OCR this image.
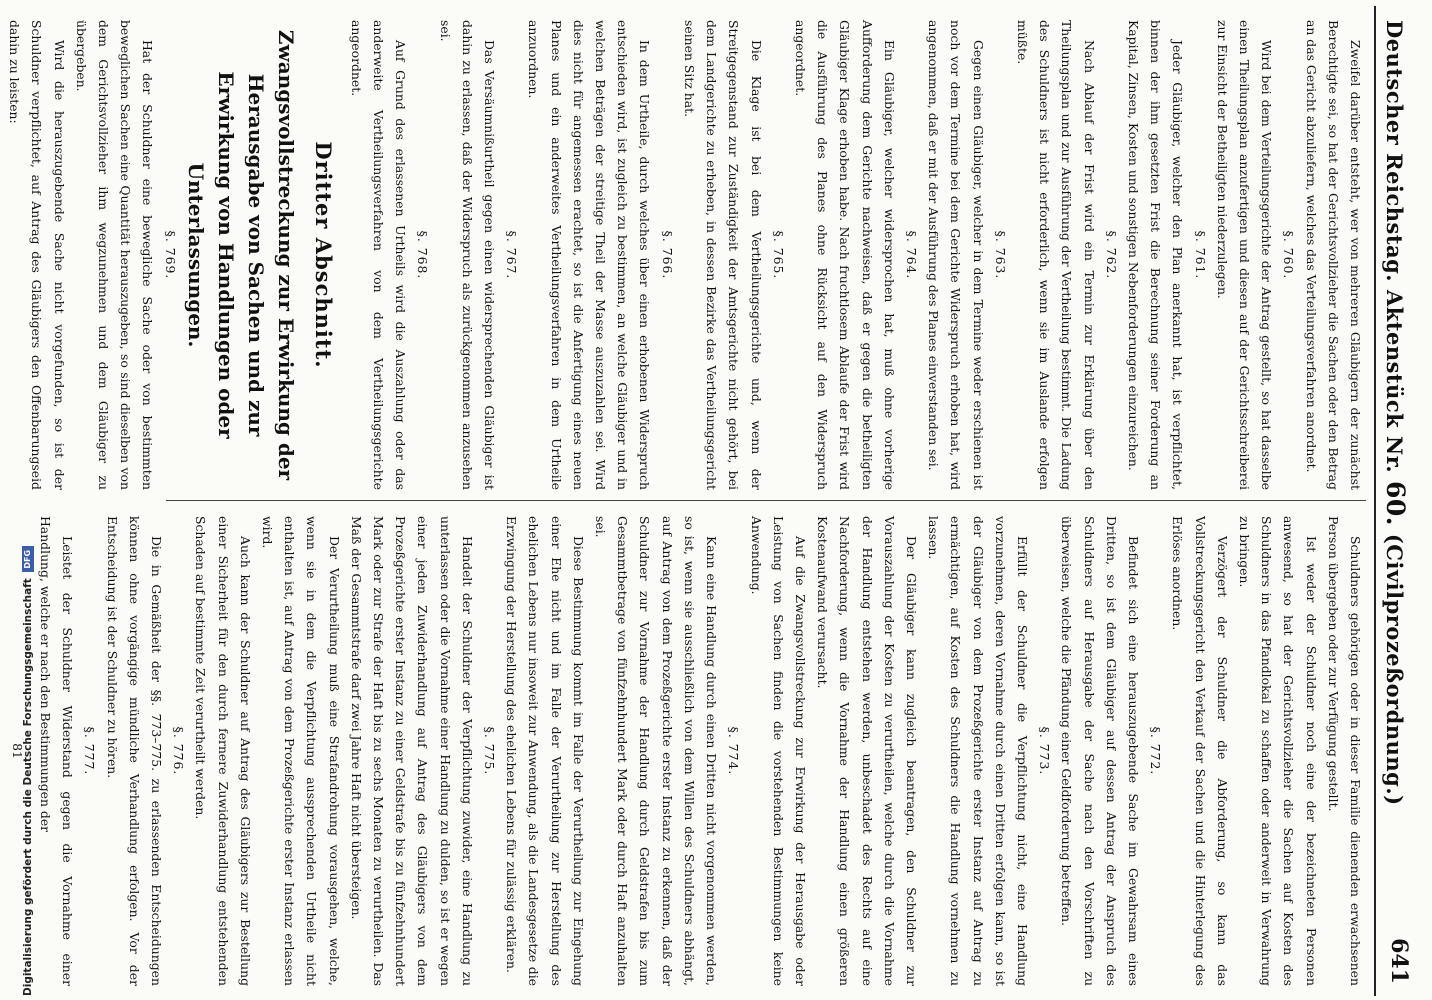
Deutscher Reichstag. Aktenstück Nr. 60. (Civilprozeßordnung.)
641

Zweifel darüber entsteht, wer von mehreren Gläubigern der zunächst Berechtigte sei, so hat der Gerichtsvollzieher die Sachen oder den Betrag an das Gericht abzuliefern, welches das Verteilungsverfahren anordnet.

§. 760.

Wird bei dem Verteilungsgerichte der Antrag gestellt, so hat dasselbe einen Theilungsplan anzufertigen und diesen auf der Gerichtsschreiberei zur Einsicht der Betheiligten niederzulegen.

§. 761.

Jeder Gläubiger, welcher den Plan anerkannt hat, ist verpflichtet, binnen der ihm gesetzten Frist die Berechnung seiner Forderung an Kapital, Zinsen, Kosten und sonstigen Nebenforderungen einzureichen.

§. 762.

Nach Ablauf der Frist wird ein Termin zur Erklärung über den Theilungsplan und zur Ausführung der Vertheilung bestimmt. Die Ladung des Schuldners ist nicht erforderlich, wenn sie im Auslande erfolgen müßte.

§. 763.

Gegen einen Gläubiger, welcher in dem Termine weder erschienen ist noch vor dem Termine bei dem Gerichte Widerspruch erhoben hat, wird angenommen, daß er mit der Ausführung des Planes einverstanden sei.

§. 764.

Ein Gläubiger, welcher widersprochen hat, muß ohne vorherige Aufforderung dem Gerichte nachweisen, daß er gegen die betheiligten Gläubiger Klage erhoben habe. Nach fruchtlosem Ablaufe der Frist wird die Ausführung des Planes ohne Rücksicht auf den Widerspruch angeordnet.

§. 765.

Die Klage ist bei dem Vertheilungsgerichte und, wenn der Streitgegenstand zur Zuständigkeit der Amtsgerichte nicht gehört, bei dem Landgerichte zu erheben, in dessen Bezirke das Vertheilungsgericht seinen Sitz hat.

§. 766.

In dem Urtheile, durch welches über einen erhobenen Widerspruch entschieden wird, ist zugleich zu bestimmen, an welche Gläubiger und in welchen Beträgen der streitige Theil der Masse auszuzahlen sei. Wird dies nicht für angemessen erachtet, so ist die Anfertigung eines neuen Planes und ein anderweites Vertheilungsverfahren in dem Urtheile anzuordnen.

§. 767.

Das Versäumnißurtheil gegen einen widersprechenden Gläubiger ist dahin zu erlassen, daß der Widerspruch als zurückgenommen anzusehen sei.

§. 768.

Auf Grund des erlassenen Urtheils wird die Auszahlung oder das anderweite Vertheilungsverfahren von dem Vertheilungsgerichte angeordnet.

Dritter Abschnitt.

Zwangsvollstreckung zur Erwirkung der Herausgabe von Sachen und zur Erwirkung von Handlungen oder Unterlassungen.

§. 769.

Hat der Schuldner eine bewegliche Sache oder von bestimmten beweglichen Sachen eine Quantität herauszugeben, so sind dieselben von dem Gerichtsvollzieher ihm wegzunehmen und dem Gläubiger zu übergeben.

Wird die herauszugebende Sache nicht vorgefunden, so ist der Schuldner verpflichtet, auf Antrag des Gläubigers den Offenbarungseid dahin zu leisten:

Schuldners gehörigen oder in dieser Familie dienenden erwachsenen Person übergeben oder zur Verfügung gestellt.

Ist weder der Schuldner noch eine der bezeichneten Personen anwesend, so hat der Gerichtsvollzieher die Sachen auf Kosten des Schuldners in das Pfandlokal zu schaffen oder anderweit in Verwahrung zu bringen.

Verzögert der Schuldner die Abforderung, so kann das Vollstreckungsgericht den Verkauf der Sachen und die Hinterlegung des Erlöses anordnen.

§. 772.

Befindet sich eine herauszugebende Sache im Gewahrsam eines Dritten, so ist dem Gläubiger auf dessen Antrag der Anspruch des Schuldners auf Herausgabe der Sache nach den Vorschriften zu überweisen, welche die Pfändung einer Geldforderung betreffen.

§. 773.

Erfüllt der Schuldner die Verpflichtung nicht, eine Handlung vorzunehmen, deren Vornahme durch einen Dritten erfolgen kann, so ist der Gläubiger von dem Prozeßgerichte erster Instanz auf Antrag zu ermächtigen, auf Kosten des Schuldners die Handlung vornehmen zu lassen.

Der Gläubiger kann zugleich beantragen, den Schuldner zur Vorauszahlung der Kosten zu verurtheilen, welche durch die Vornahme der Handlung entstehen werden, unbeschadet des Rechts auf eine Nachforderung, wenn die Vornahme der Handlung einen größeren Kostenaufwand verursacht.

Auf die Zwangsvollstreckung zur Erwirkung der Herausgabe oder Leistung von Sachen finden die vorstehenden Bestimmungen keine Anwendung.

§. 774.

Kann eine Handlung durch einen Dritten nicht vorgenommen werden, so ist, wenn sie ausschließlich von dem Willen des Schuldners abhängt, auf Antrag von dem Prozeßgerichte erster Instanz zu erkennen, daß der Schuldner zur Vornahme der Handlung durch Geldstrafen bis zum Gesammtbetrage von fünfzehnhundert Mark oder durch Haft anzuhalten sei.

Diese Bestimmung kommt im Falle der Verurtheilung zur Eingehung einer Ehe nicht und im Falle der Verurtheilung zur Herstellung des ehelichen Lebens nur insoweit zur Anwendung, als die Landesgesetze die Erzwingung der Herstellung des ehelichen Lebens für zulässig erklären.

§. 775.

Handelt der Schuldner der Verpflichtung zuwider, eine Handlung zu unterlassen oder die Vornahme einer Handlung zu dulden, so ist er wegen einer jeden Zuwiderhandlung auf Antrag des Gläubigers von dem Prozeßgerichte erster Instanz zu einer Geldstrafe bis zu fünfzehnhundert Mark oder zur Strafe der Haft bis zu sechs Monaten zu verurtheilen. Das Maß der Gesammtstrafe darf zwei Jahre Haft nicht übersteigen.

Der Verurtheilung muß eine Strafandrohung vorausgehen, welche, wenn sie in dem die Verpflichtung aussprechenden Urtheile nicht enthalten ist, auf Antrag von dem Prozeßgerichte erster Instanz erlassen wird.

Auch kann der Schuldner auf Antrag des Gläubigers zur Bestellung einer Sicherheit für den durch fernere Zuwiderhandlung entstehenden Schaden auf bestimmte Zeit verurtheilt werden.

§. 776.

Die in Gemäßheit der §§. 773–775. zu erlassenden Entscheidungen können ohne vorgängige mündliche Verhandlung erfolgen. Vor der Entscheidung ist der Schuldner zu hören.

§. 777.

Leistet der Schuldner Widerstand gegen die Vornahme einer Handlung, welche er nach den Bestimmungen der

81

Digitalisierung gefördert durch die Deutsche Forschungsgemeinschaft
DFG
